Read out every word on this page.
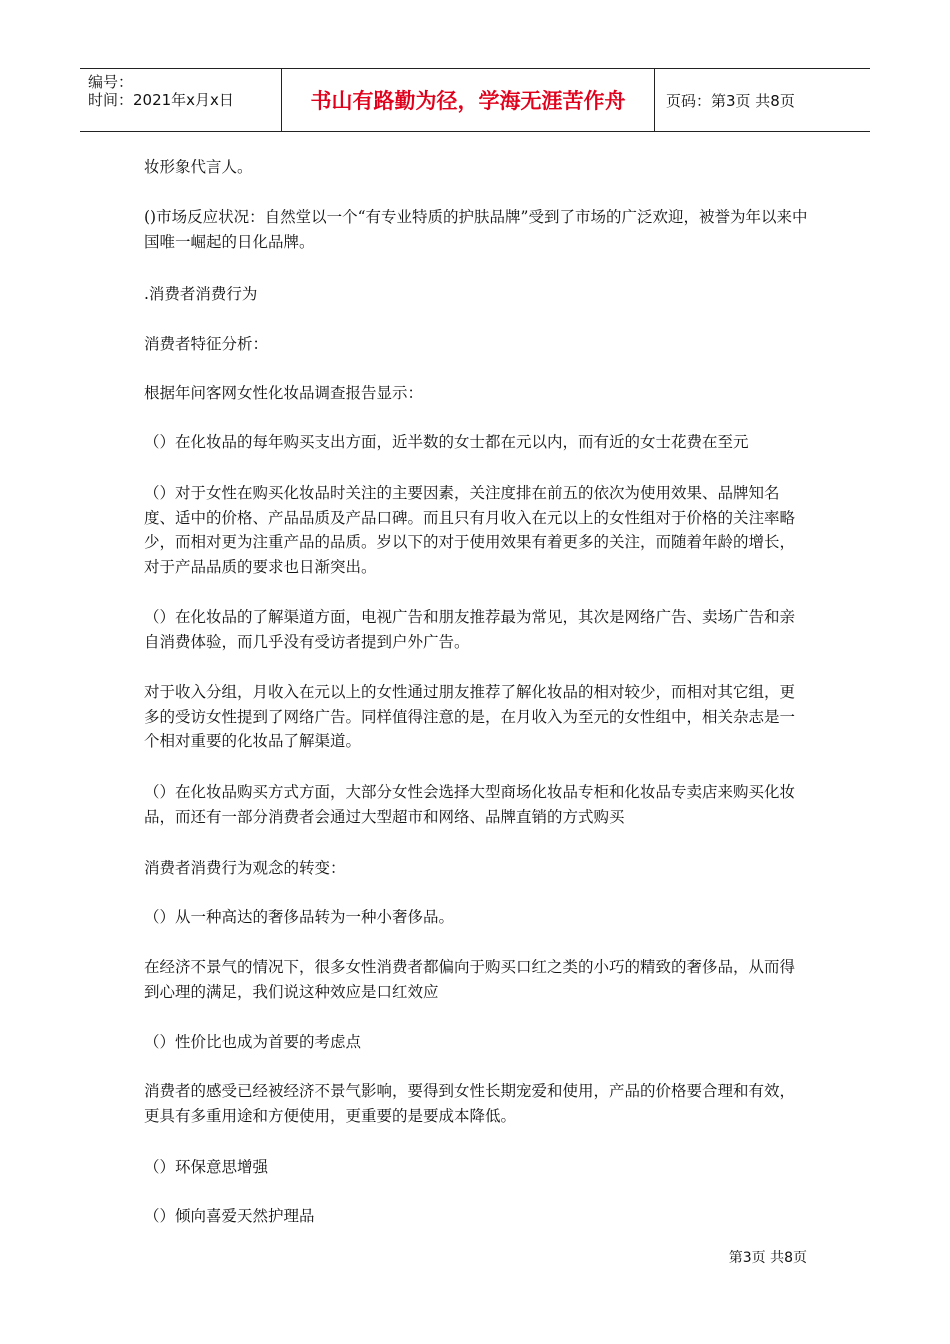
编号：
时间：2021年x月x日	书山有路勤为径，学海无涯苦作舟	页码：第3页 共8页

妆形象代言人。

()市场反应状况：自然堂以一个“有专业特质的护肤品牌”受到了市场的广泛欢迎，被誉为年以来中国唯一崛起的日化品牌。

.消费者消费行为

消费者特征分析：

根据年问客网女性化妆品调查报告显示：

（）在化妆品的每年购买支出方面，近半数的女士都在元以内，而有近的女士花费在至元

（）对于女性在购买化妆品时关注的主要因素，关注度排在前五的依次为使用效果、品牌知名度、适中的价格、产品品质及产品口碑。而且只有月收入在元以上的女性组对于价格的关注率略少，而相对更为注重产品的品质。岁以下的对于使用效果有着更多的关注，而随着年龄的增长，对于产品品质的要求也日渐突出。

（）在化妆品的了解渠道方面，电视广告和朋友推荐最为常见，其次是网络广告、卖场广告和亲自消费体验，而几乎没有受访者提到户外广告。

对于收入分组，月收入在元以上的女性通过朋友推荐了解化妆品的相对较少，而相对其它组，更多的受访女性提到了网络广告。同样值得注意的是，在月收入为至元的女性组中，相关杂志是一个相对重要的化妆品了解渠道。

（）在化妆品购买方式方面，大部分女性会选择大型商场化妆品专柜和化妆品专卖店来购买化妆品，而还有一部分消费者会通过大型超市和网络、品牌直销的方式购买

消费者消费行为观念的转变：

（）从一种高达的奢侈品转为一种小奢侈品。

在经济不景气的情况下，很多女性消费者都偏向于购买口红之类的小巧的精致的奢侈品，从而得到心理的满足，我们说这种效应是口红效应

（）性价比也成为首要的考虑点

消费者的感受已经被经济不景气影响，要得到女性长期宠爱和使用，产品的价格要合理和有效，更具有多重用途和方便使用，更重要的是要成本降低。

（）环保意思增强

（）倾向喜爱天然护理品

第3页 共8页
